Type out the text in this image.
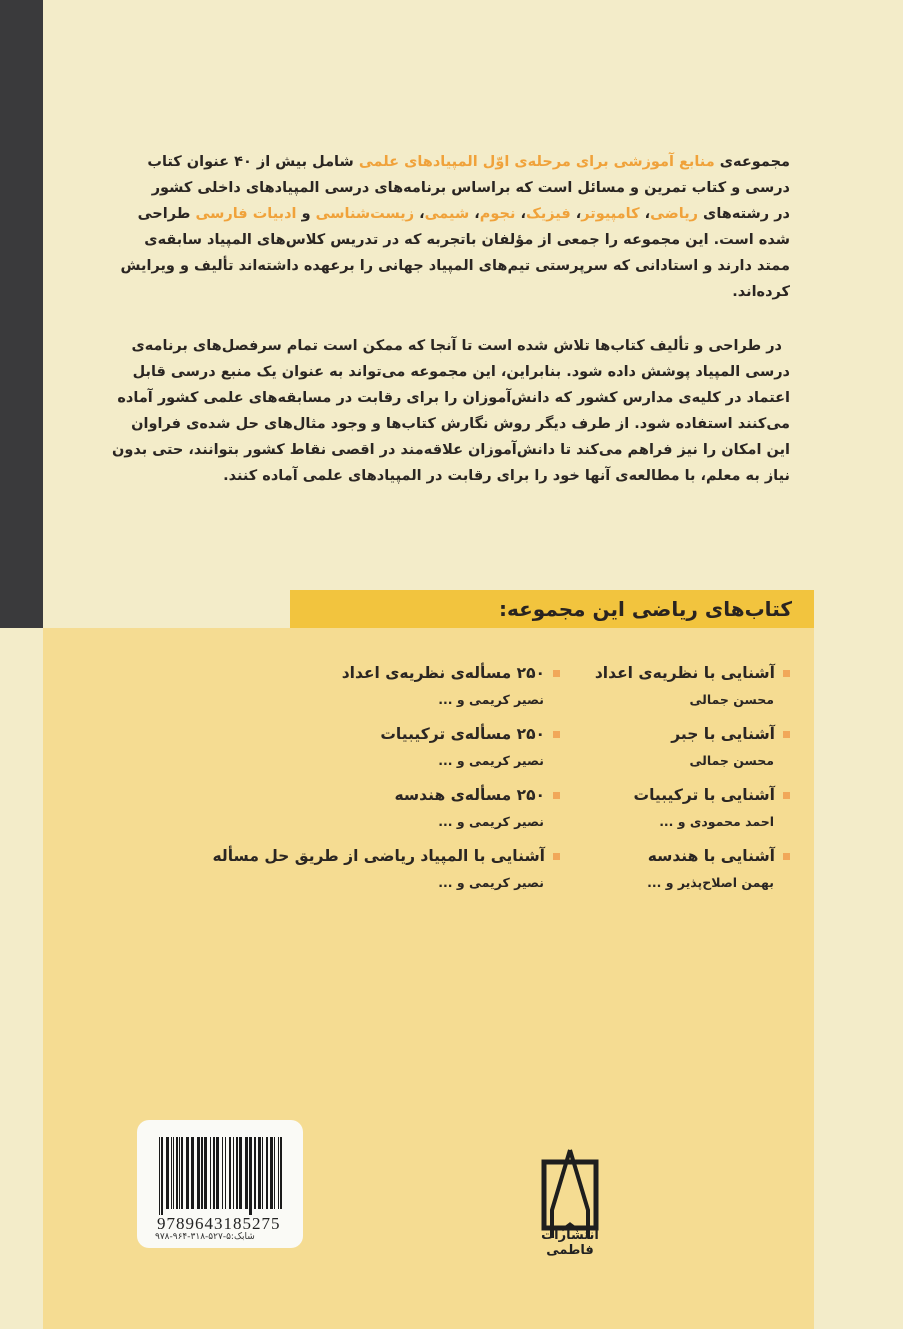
مجموعه‌ی منابع آموزشی برای مرحله‌ی اوّل المپیادهای علمی شامل بیش از ۴۰ عنوان کتاب
درسی و کتاب تمرین و مسائل است که براساس برنامه‌های درسی المپیادهای داخلی کشور
در رشته‌های ریاضی، کامپیوتر، فیزیک، نجوم، شیمی، زیست‌شناسی و ادبیات فارسی طراحی
شده است. این مجموعه را جمعی از مؤلفان باتجربه که در تدریس کلاس‌های المپیاد سابقه‌ی
ممتد دارند و استادانی که سرپرستی تیم‌های المپیاد جهانی را برعهده داشته‌اند تألیف و ویرایش
کرده‌اند.
در طراحی و تألیف کتاب‌ها تلاش شده است تا آنجا که ممکن است تمام سرفصل‌های برنامه‌ی
درسی المپیاد پوشش داده شود. بنابراین، این مجموعه می‌تواند به عنوان یک منبع درسی قابل
اعتماد در کلیه‌ی مدارس کشور که دانش‌آموزان را برای رقابت در مسابقه‌های علمی کشور آماده
می‌کنند استفاده شود. از طرف دیگر روش نگارش کتاب‌ها و وجود مثال‌های حل شده‌ی فراوان
این امکان را نیز فراهم می‌کند تا دانش‌آموزان علاقه‌مند در اقصی نقاط کشور بتوانند، حتی بدون
نیاز به معلم، با مطالعه‌ی آنها خود را برای رقابت در المپیادهای علمی آماده کنند.
کتاب‌های ریاضی این مجموعه:
آشنایی با نظریه‌ی اعداد
محسن جمالی
آشنایی با جبر
محسن جمالی
آشنایی با ترکیبیات
احمد محمودی و ...
آشنایی با هندسه
بهمن اصلاح‌پذیر و ...
۲۵۰ مسأله‌ی نظریه‌ی اعداد
نصیر کریمی و ...
۲۵۰ مسأله‌ی ترکیبیات
نصیر کریمی و ...
۲۵۰ مسأله‌ی هندسه
نصیر کریمی و ...
آشنایی با المپیاد ریاضی از طریق حل مسأله
نصیر کریمی و ...
9789643185275
شابک:۵-۵۲۷-۳۱۸-۹۶۴-۹۷۸	انتشارات فاطمی
